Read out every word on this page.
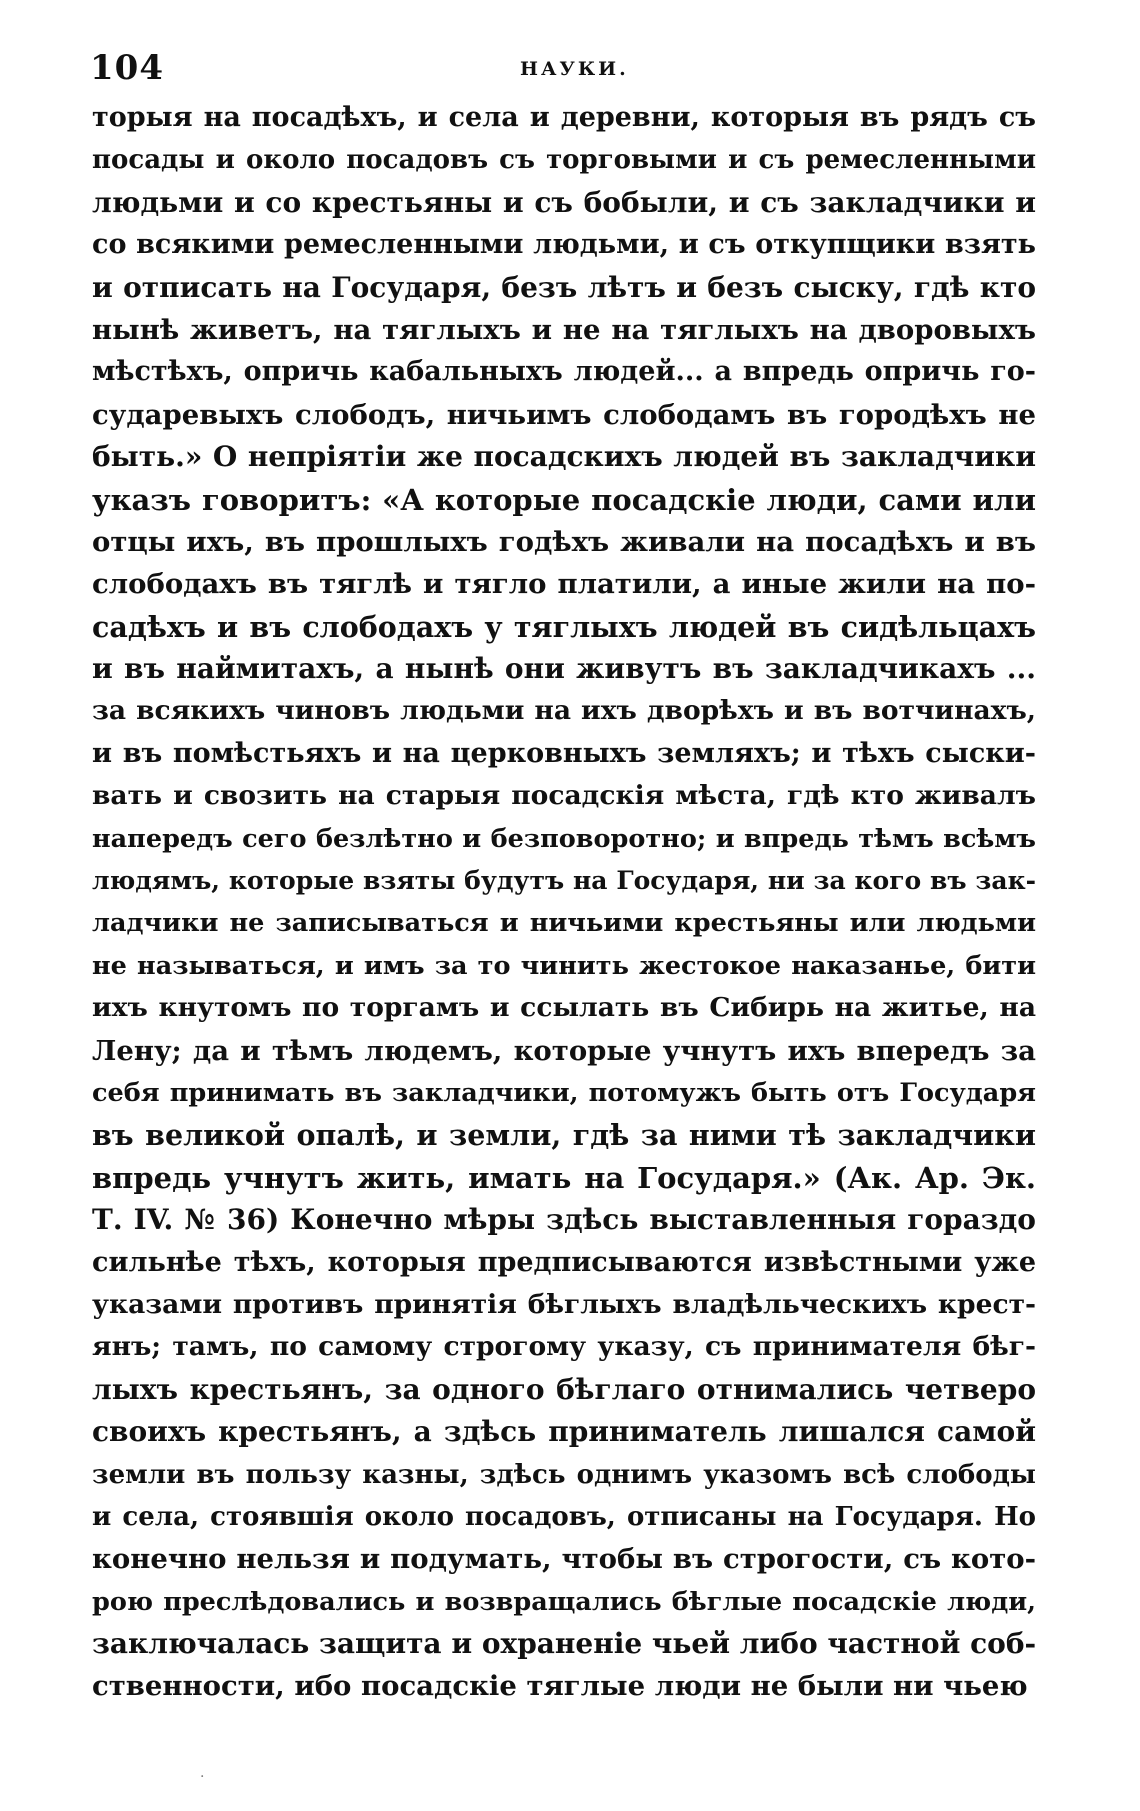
104	НАУКИ.
торыя на посадѣхъ, и села и деревни, которыя въ рядъ съ
посады и около посадовъ съ торговыми и съ ремесленными
людьми и со крестьяны и съ бобыли, и съ закладчики и
со всякими ремесленными людьми, и съ откупщики взять
и отписать на Государя, безъ лѣтъ и безъ сыску, гдѣ кто
нынѣ живетъ, на тяглыхъ и не на тяглыхъ на дворовыхъ
мѣстѣхъ, опричь кабальныхъ людей... а впредь опричь го-
сударевыхъ слободъ, ничьимъ слободамъ въ городѣхъ не
быть.» О непріятіи же посадскихъ людей въ закладчики
указъ говоритъ: «А которые посадскіе люди, сами или
отцы ихъ, въ прошлыхъ годѣхъ живали на посадѣхъ и въ
слободахъ въ тяглѣ и тягло платили, а иные жили на по-
садѣхъ и въ слободахъ у тяглыхъ людей въ сидѣльцахъ
и въ наймитахъ, а нынѣ они живутъ въ закладчикахъ ...
за всякихъ чиновъ людьми на ихъ дворѣхъ и въ вотчинахъ,
и въ помѣстьяхъ и на церковныхъ земляхъ; и тѣхъ сыски-
вать и свозить на старыя посадскія мѣста, гдѣ кто живалъ
напередъ сего безлѣтно и безповоротно; и впредь тѣмъ всѣмъ
людямъ, которые взяты будутъ на Государя, ни за кого въ зак-
ладчики не записываться и ничьими крестьяны или людьми
не называться, и имъ за то чинить жестокое наказанье, бити
ихъ кнутомъ по торгамъ и ссылать въ Сибирь на житье, на
Лену; да и тѣмъ людемъ, которые учнутъ ихъ впередъ за
себя принимать въ закладчики, потомужъ быть отъ Государя
въ великой опалѣ, и земли, гдѣ за ними тѣ закладчики
впредь учнутъ жить, имать на Государя.» (Ак. Ар. Эк.
Т. IV. № 36) Конечно мѣры здѣсь выставленныя гораздо
сильнѣе тѣхъ, которыя предписываются извѣстными уже
указами противъ принятія бѣглыхъ владѣльческихъ крест-
янъ; тамъ, по самому строгому указу, съ принимателя бѣг-
лыхъ крестьянъ, за одного бѣглаго отнимались четверо
своихъ крестьянъ, а здѣсь приниматель лишался самой
земли въ пользу казны, здѣсь однимъ указомъ всѣ слободы
и села, стоявшія около посадовъ, отписаны на Государя. Но
конечно нельзя и подумать, чтобы въ строгости, съ кото-
рою преслѣдовались и возвращались бѣглые посадскіе люди,
заключалась защита и охраненіе чьей либо частной соб-
ственности, ибо посадскіе тяглые люди не были ни чьею
·
